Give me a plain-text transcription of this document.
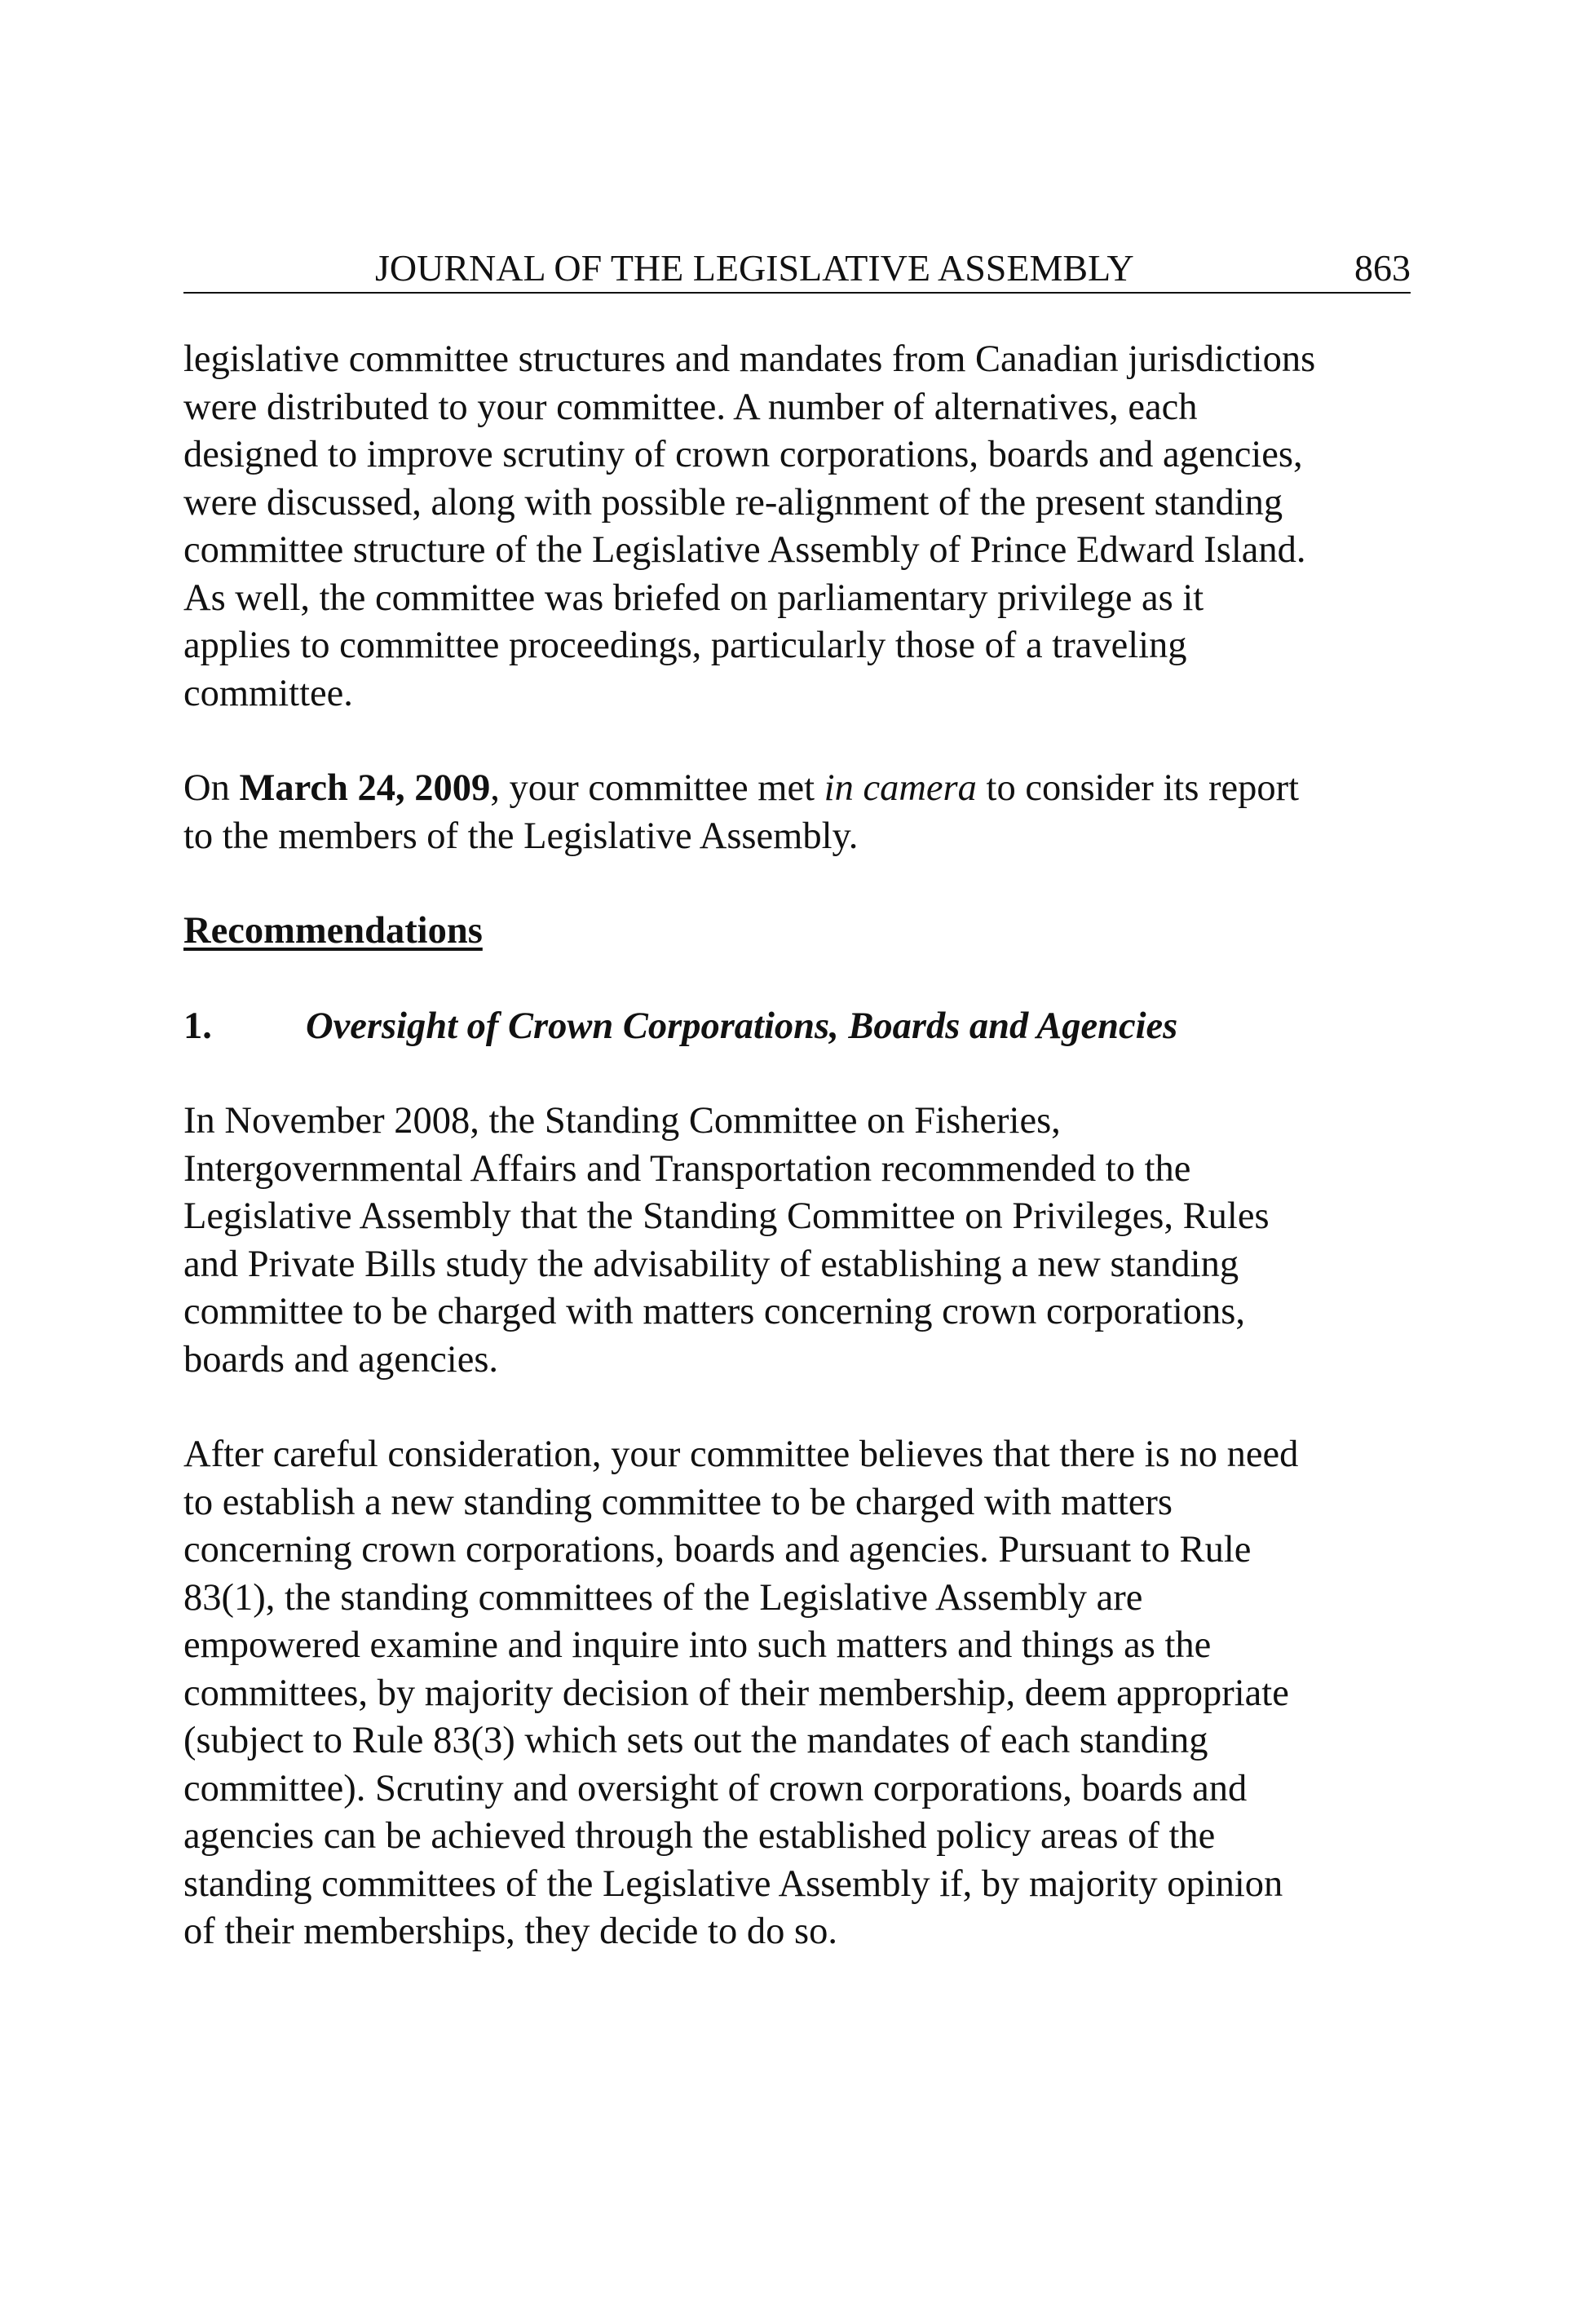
JOURNAL OF THE LEGISLATIVE ASSEMBLY	863

legislative committee structures and mandates from Canadian jurisdictions
were distributed to your committee. A number of alternatives, each
designed to improve scrutiny of crown corporations, boards and agencies,
were discussed, along with possible re-alignment of the present standing
committee structure of the Legislative Assembly of Prince Edward Island.
As well, the committee was briefed on parliamentary privilege as it
applies to committee proceedings, particularly those of a traveling
committee.

On March 24, 2009, your committee met in camera to consider its report
to the members of the Legislative Assembly.

Recommendations
1. Oversight of Crown Corporations, Boards and Agencies

In November 2008, the Standing Committee on Fisheries,
Intergovernmental Affairs and Transportation recommended to the
Legislative Assembly that the Standing Committee on Privileges, Rules
and Private Bills study the advisability of establishing a new standing
committee to be charged with matters concerning crown corporations,
boards and agencies.

After careful consideration, your committee believes that there is no need
to establish a new standing committee to be charged with matters
concerning crown corporations, boards and agencies. Pursuant to Rule
83(1), the standing committees of the Legislative Assembly are
empowered examine and inquire into such matters and things as the
committees, by majority decision of their membership, deem appropriate
(subject to Rule 83(3) which sets out the mandates of each standing
committee). Scrutiny and oversight of crown corporations, boards and
agencies can be achieved through the established policy areas of the
standing committees of the Legislative Assembly if, by majority opinion
of their memberships, they decide to do so.
